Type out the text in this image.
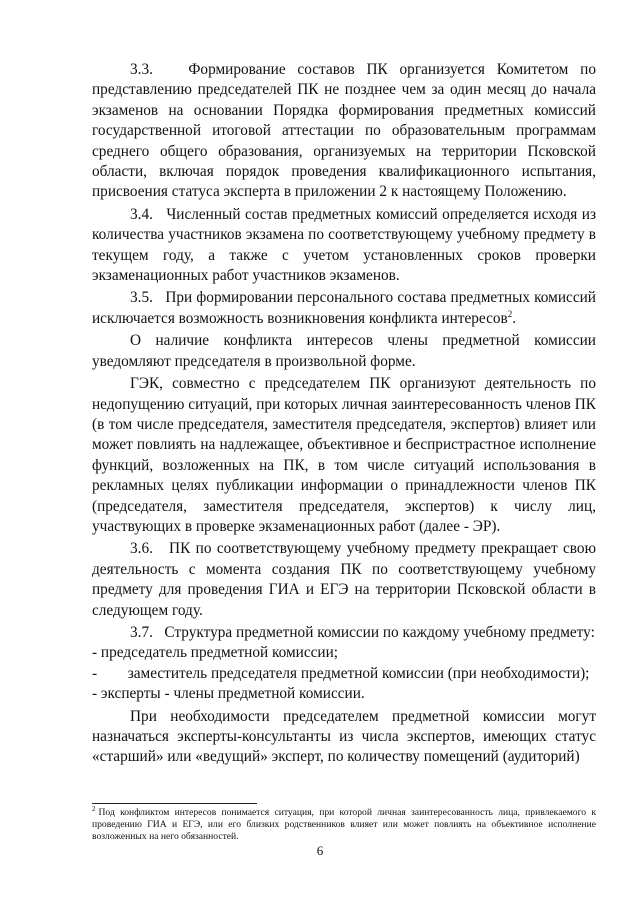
3.3.   Формирование составов ПК организуется Комитетом по представлению председателей ПК не позднее чем за один месяц до начала экзаменов на основании Порядка формирования предметных комиссий государственной итоговой аттестации по образовательным программам среднего общего образования, организуемых на территории Псковской области, включая порядок проведения квалификационного испытания, присвоения статуса эксперта в приложении 2 к настоящему Положению.

3.4.   Численный состав предметных комиссий определяется исходя из количества участников экзамена по соответствующему учебному предмету в текущем году, а также с учетом установленных сроков проверки экзаменационных работ участников экзаменов.

3.5.   При формировании персонального состава предметных комиссий исключается возможность возникновения конфликта интересов$^2$.

О наличие конфликта интересов члены предметной комиссии уведомляют председателя в произвольной форме.

ГЭК, совместно с председателем ПК организуют деятельность по недопущению ситуаций, при которых личная заинтересованность членов ПК (в том числе председателя, заместителя председателя, экспертов) влияет или может повлиять на надлежащее, объективное и беспристрастное исполнение функций, возложенных на ПК, в том числе ситуаций использования в рекламных целях публикации информации о принадлежности членов ПК (председателя, заместителя председателя, экспертов) к числу лиц, участвующих в проверке экзаменационных работ (далее - ЭР).

3.6.   ПК по соответствующему учебному предмету прекращает свою деятельность с момента создания ПК по соответствующему учебному предмету для проведения ГИА и ЕГЭ на территории Псковской области в следующем году.

3.7.   Структура предметной комиссии по каждому учебному предмету:

- председатель предметной комиссии;

-        заместитель председателя предметной комиссии (при необходимости);

- эксперты - члены предметной комиссии.

При необходимости председателем предметной комиссии могут назначаться эксперты-консультанты из числа экспертов, имеющих статус «старший» или «ведущий» эксперт, по количеству помещений (аудиторий)

$^2$ Под конфликтом интересов понимается ситуация, при которой личная заинтересованность лица, привлекаемого к проведению ГИА и ЕГЭ, или его близких родственников влияет или может повлиять на объективное исполнение возложенных на него обязанностей.

6
